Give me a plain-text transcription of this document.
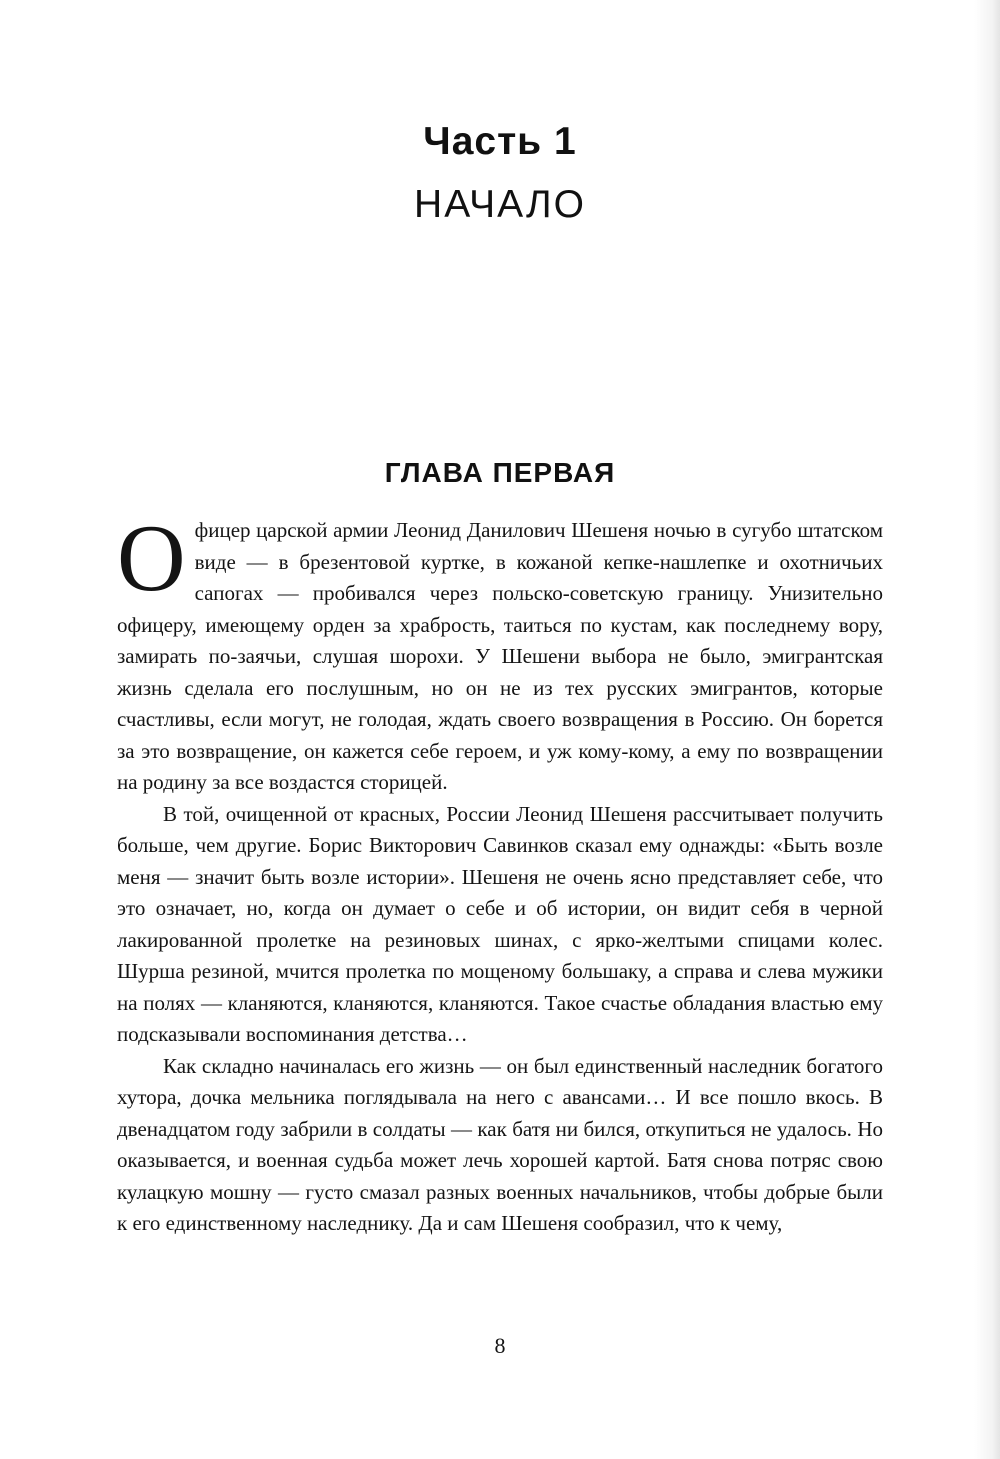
Часть 1
НАЧАЛО
ГЛАВА ПЕРВАЯ

Офицер царской армии Леонид Данилович Шешеня ночью в сугубо штатском виде — в брезентовой куртке, в кожаной кепке-нашлепке и охотничьих сапогах — пробивался через польско-советскую границу. Унизительно офицеру, имеющему орден за храбрость, таиться по кустам, как последнему вору, замирать по-заячьи, слушая шорохи. У Шешени выбора не было, эмигрантская жизнь сделала его послушным, но он не из тех русских эмигрантов, которые счастливы, если могут, не голодая, ждать своего возвращения в Россию. Он борется за это возвращение, он кажется себе героем, и уж кому-кому, а ему по возвращении на родину за все воздастся сторицей.

В той, очищенной от красных, России Леонид Шешеня рассчитывает получить больше, чем другие. Борис Викторович Савинков сказал ему однажды: «Быть возле меня — значит быть возле истории». Шешеня не очень ясно представляет себе, что это означает, но, когда он думает о себе и об истории, он видит себя в черной лакированной пролетке на резиновых шинах, с ярко-желтыми спицами колес. Шурша резиной, мчится пролетка по мощеному большаку, а справа и слева мужики на полях — кланяются, кланяются, кланяются. Такое счастье обладания властью ему подсказывали воспоминания детства…

Как складно начиналась его жизнь — он был единственный наследник богатого хутора, дочка мельника поглядывала на него с авансами… И все пошло вкось. В двенадцатом году забрили в солдаты — как батя ни бился, откупиться не удалось. Но оказывается, и военная судьба может лечь хорошей картой. Батя снова потряс свою кулацкую мошну — густо смазал разных военных начальников, чтобы добрые были к его единственному наследнику. Да и сам Шешеня сообразил, что к чему,

8
